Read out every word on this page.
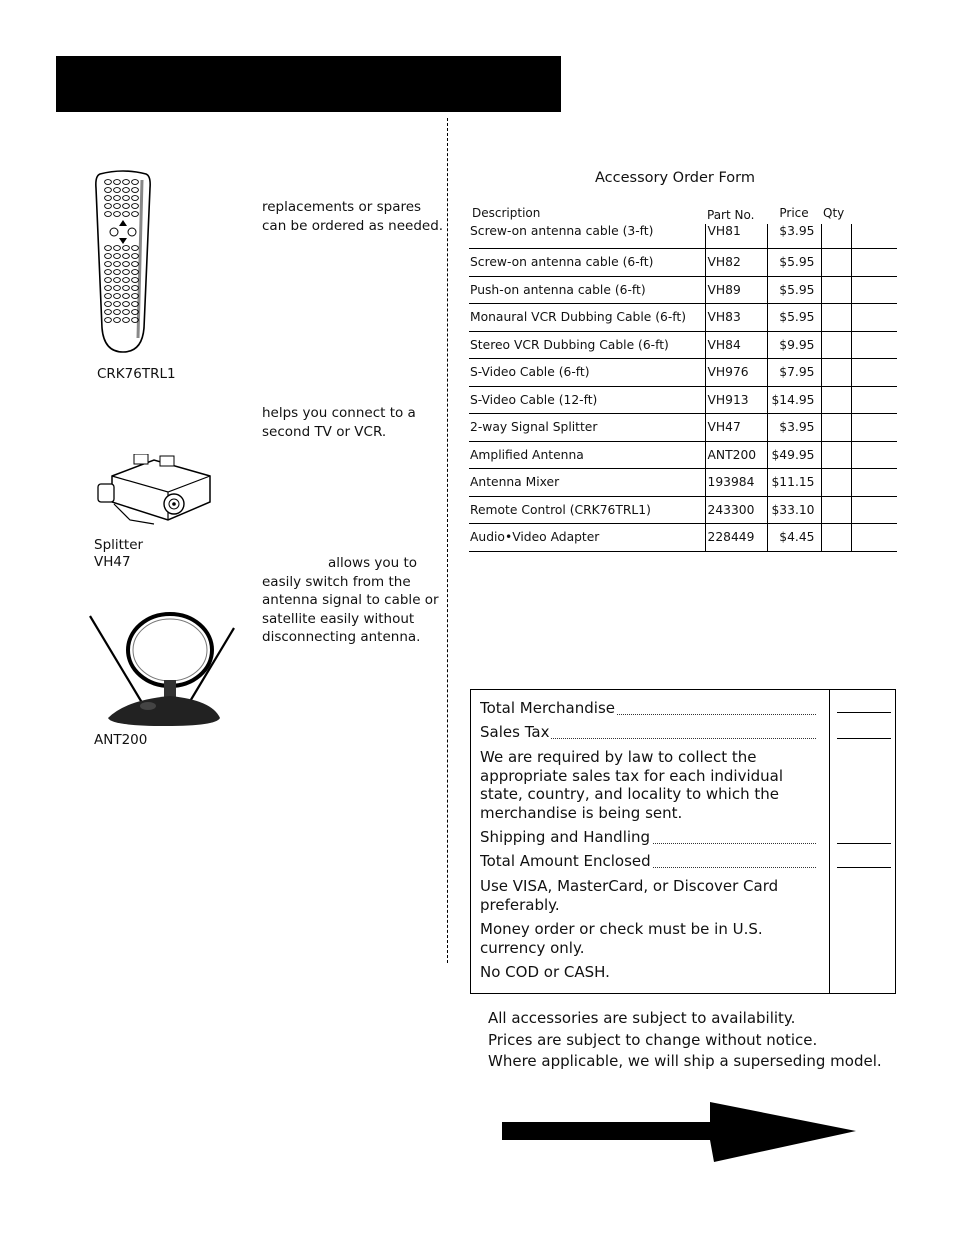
replacements or spares can be ordered as needed.
CRK76TRL1
helps you connect to a second TV or VCR.
Splitter
VH47	allows you to easily switch from the antenna signal to cable or satellite easily without disconnecting antenna.
ANT200
Accessory Order Form
Description	Part No.	Price	Qty	
Screw-on antenna cable (3-ft)	VH81	$3.95		
Screw-on antenna cable (6-ft)	VH82	$5.95		
Push-on antenna cable (6-ft)	VH89	$5.95		
Monaural VCR Dubbing Cable (6-ft)	VH83	$5.95		
Stereo VCR Dubbing Cable (6-ft)	VH84	$9.95		
S-Video Cable (6-ft)	VH976	$7.95		
S-Video Cable (12-ft)	VH913	$14.95		
2-way Signal Splitter	VH47	$3.95		
Amplified Antenna	ANT200	$49.95		
Antenna Mixer	193984	$11.15		
Remote Control (CRK76TRL1)	243300	$33.10		
Audio•Video Adapter	228449	$4.45		
Total Merchandise
Sales Tax
We are required by law to collect the appropriate sales tax for each individual state, country, and locality to which the merchandise is being sent.
Shipping and Handling
Total Amount Enclosed
Use VISA, MasterCard, or Discover Card preferably.
Money order or check must be in U.S. currency only.
No COD or CASH.
All accessories are subject to availability.
Prices are subject to change without notice.
Where applicable, we will ship a superseding model.
